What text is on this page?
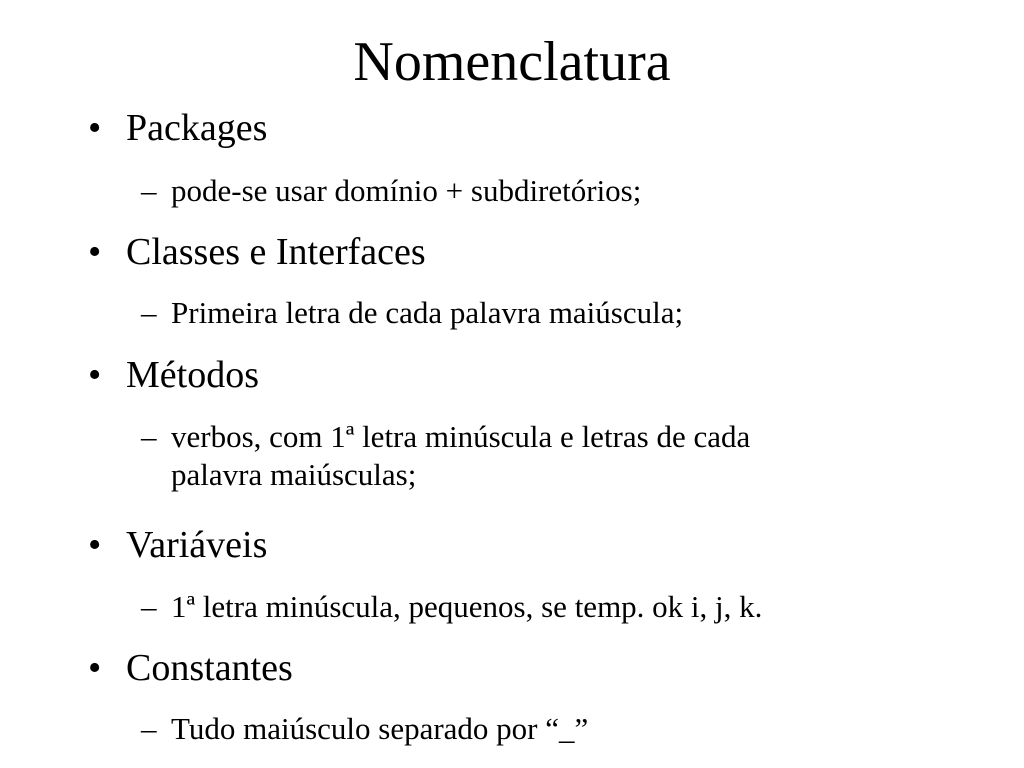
Nomenclatura
• Packages
– pode-se usar domínio + subdiretórios;
• Classes e Interfaces
– Primeira letra de cada palavra maiúscula;
• Métodos
– verbos, com 1ª letra minúscula e letras de cada
palavra maiúsculas;
• Variáveis
– 1ª letra minúscula, pequenos, se temp. ok i, j, k.
• Constantes
– Tudo maiúsculo separado por “_”
